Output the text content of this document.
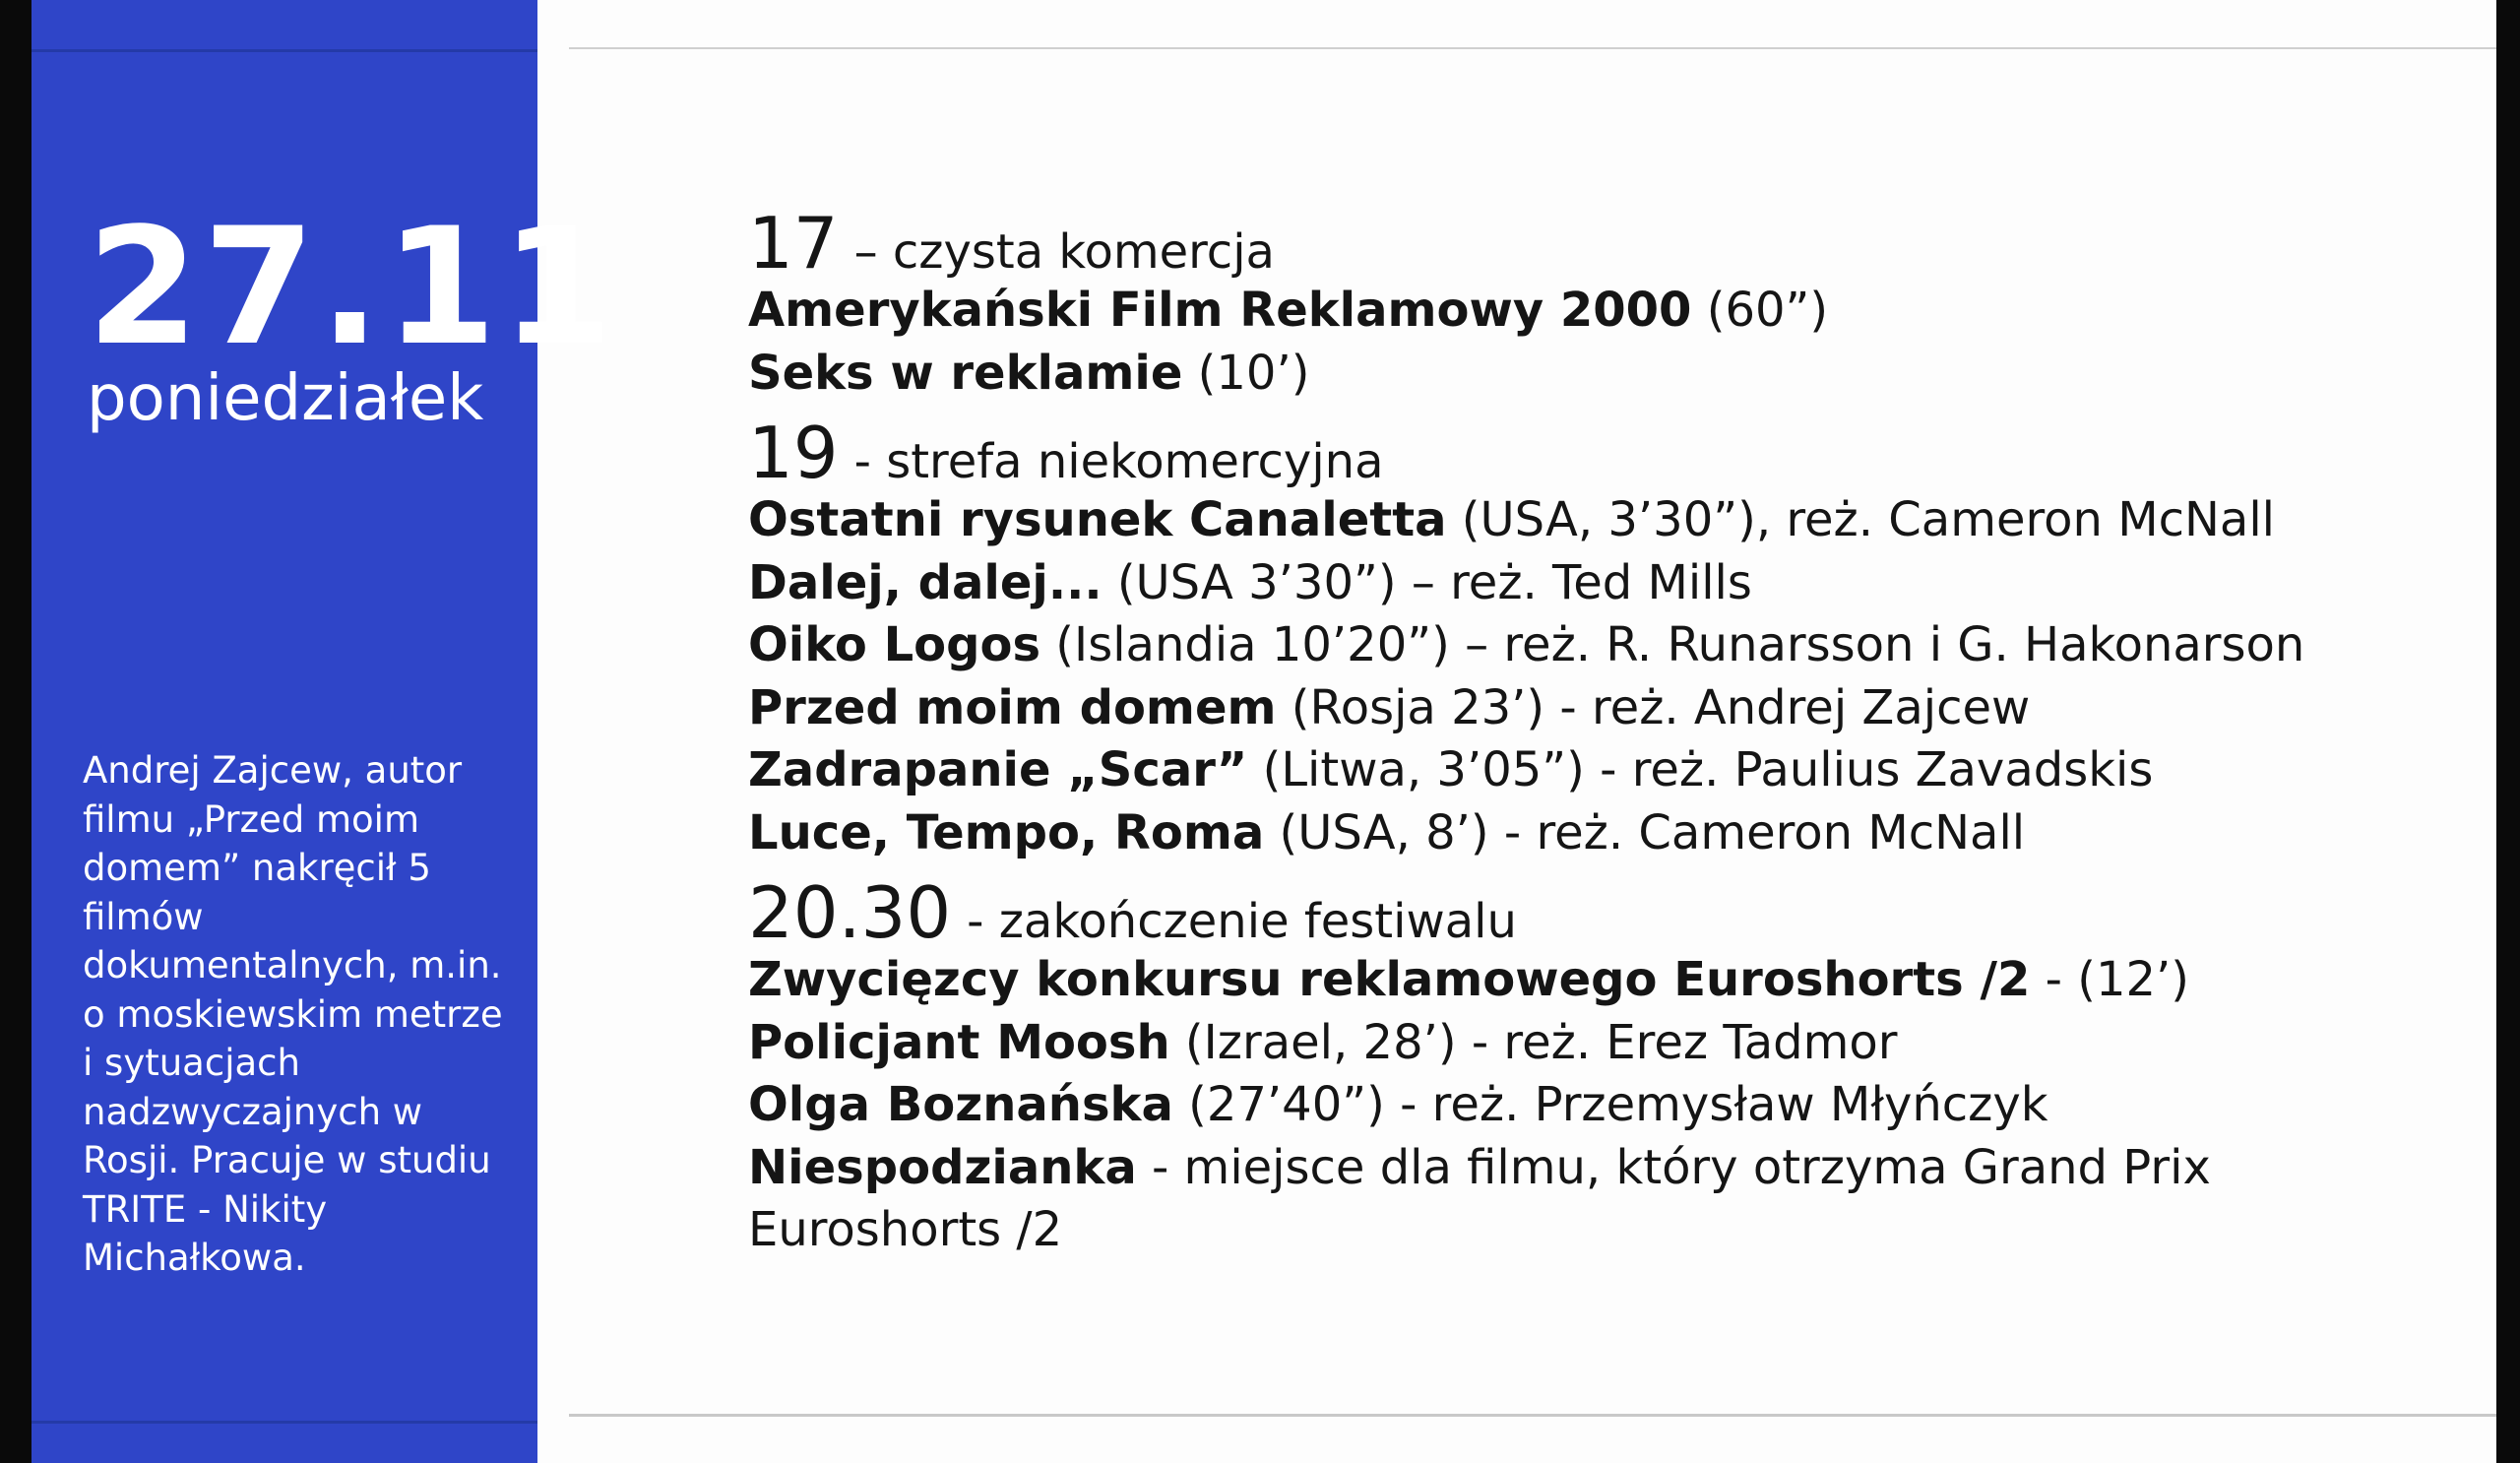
27.11
poniedziałek
Andrej Zajcew, autor filmu „Przed moim domem” nakręcił 5 filmów dokumentalnych, m.in. o moskiewskim metrze i sytuacjach nadzwyczajnych w Rosji. Pracuje w studiu TRITE - Nikity Michałkowa.
17 – czysta komercja
Amerykański Film Reklamowy 2000 (60”)
Seks w reklamie (10’)
19 - strefa niekomercyjna
Ostatni rysunek Canaletta (USA, 3’30”), reż. Cameron McNall
Dalej, dalej... (USA 3’30”) – reż. Ted Mills
Oiko Logos (Islandia 10’20”) – reż. R. Runarsson i G. Hakonarson
Przed moim domem (Rosja 23’) - reż. Andrej Zajcew
Zadrapanie „Scar” (Litwa, 3’05”) - reż. Paulius Zavadskis
Luce, Tempo, Roma (USA, 8’) - reż. Cameron McNall
20.30 - zakończenie festiwalu
Zwycięzcy konkursu reklamowego Euroshorts /2 - (12’)
Policjant Moosh (Izrael, 28’) - reż. Erez Tadmor
Olga Boznańska (27’40”) - reż. Przemysław Młyńczyk
Niespodzianka - miejsce dla filmu, który otrzyma Grand Prix Euroshorts /2
